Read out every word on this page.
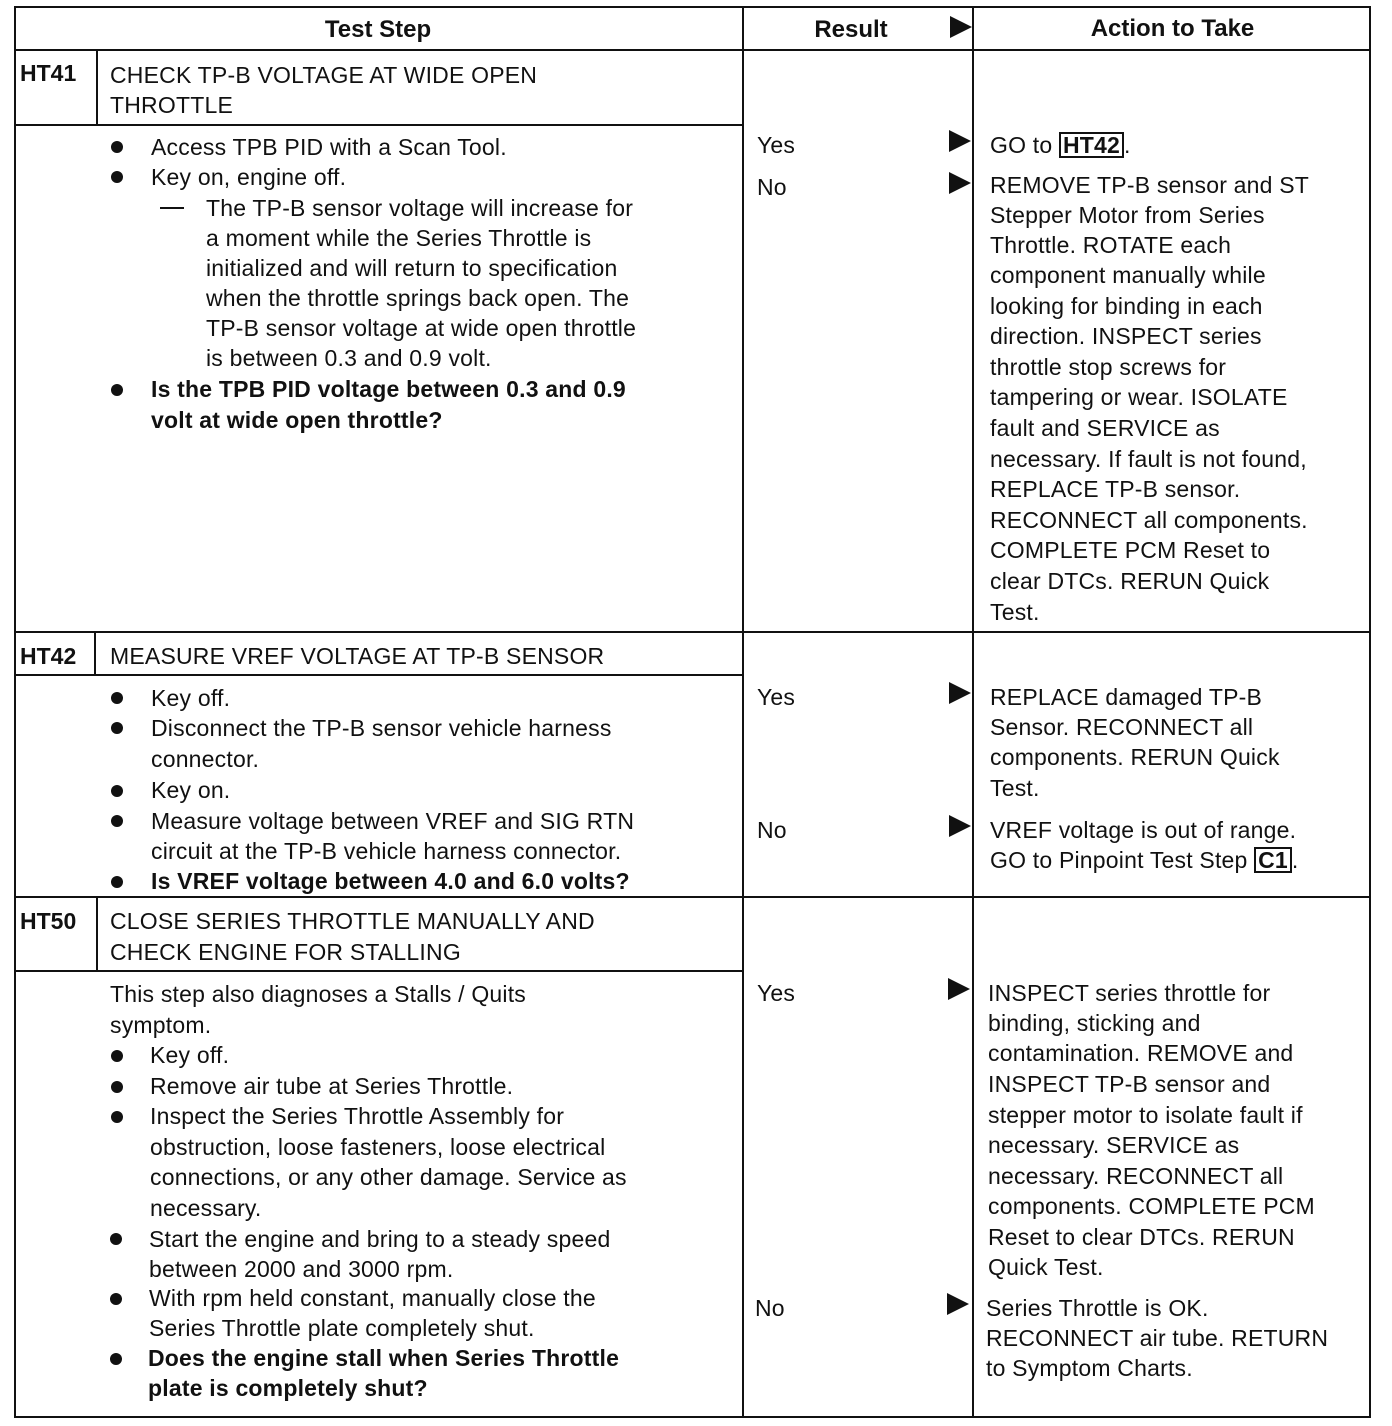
Test Step	Result	Action to Take
HT41 CHECK TP-B VOLTAGE AT WIDE OPEN
THROTTLE
Access TPB PID with a Scan Tool.
Key on, engine off.
The TP-B sensor voltage will increase for
a moment while the Series Throttle is
initialized and will return to specification
when the throttle springs back open. The
TP-B sensor voltage at wide open throttle
is between 0.3 and 0.9 volt.
Is the TPB PID voltage between 0.3 and 0.9
volt at wide open throttle?
Yes	GO to HT42 .
No	REMOVE TP-B sensor and ST
Stepper Motor from Series
Throttle. ROTATE each
component manually while
looking for binding in each
direction. INSPECT series
throttle stop screws for
tampering or wear. ISOLATE
fault and SERVICE as
necessary. If fault is not found,
REPLACE TP-B sensor.
RECONNECT all components.
COMPLETE PCM Reset to
clear DTCs. RERUN Quick
Test.
HT42 MEASURE VREF VOLTAGE AT TP-B SENSOR
Key off.
Disconnect the TP-B sensor vehicle harness
connector.
Key on.
Measure voltage between VREF and SIG RTN
circuit at the TP-B vehicle harness connector.
Is VREF voltage between 4.0 and 6.0 volts?
Yes	REPLACE damaged TP-B
Sensor. RECONNECT all
components. RERUN Quick
Test.
No	VREF voltage is out of range.
GO to Pinpoint Test Step C1 .
HT50 CLOSE SERIES THROTTLE MANUALLY AND
CHECK ENGINE FOR STALLING
This step also diagnoses a Stalls / Quits
symptom.
Key off.
Remove air tube at Series Throttle.
Inspect the Series Throttle Assembly for
obstruction, loose fasteners, loose electrical
connections, or any other damage. Service as
necessary.
Start the engine and bring to a steady speed
between 2000 and 3000 rpm.
With rpm held constant, manually close the
Series Throttle plate completely shut.
Does the engine stall when Series Throttle
plate is completely shut?
Yes	INSPECT series throttle for
binding, sticking and
contamination. REMOVE and
INSPECT TP-B sensor and
stepper motor to isolate fault if
necessary. SERVICE as
necessary. RECONNECT all
components. COMPLETE PCM
Reset to clear DTCs. RERUN
Quick Test.
No	Series Throttle is OK.
RECONNECT air tube. RETURN
to Symptom Charts.
